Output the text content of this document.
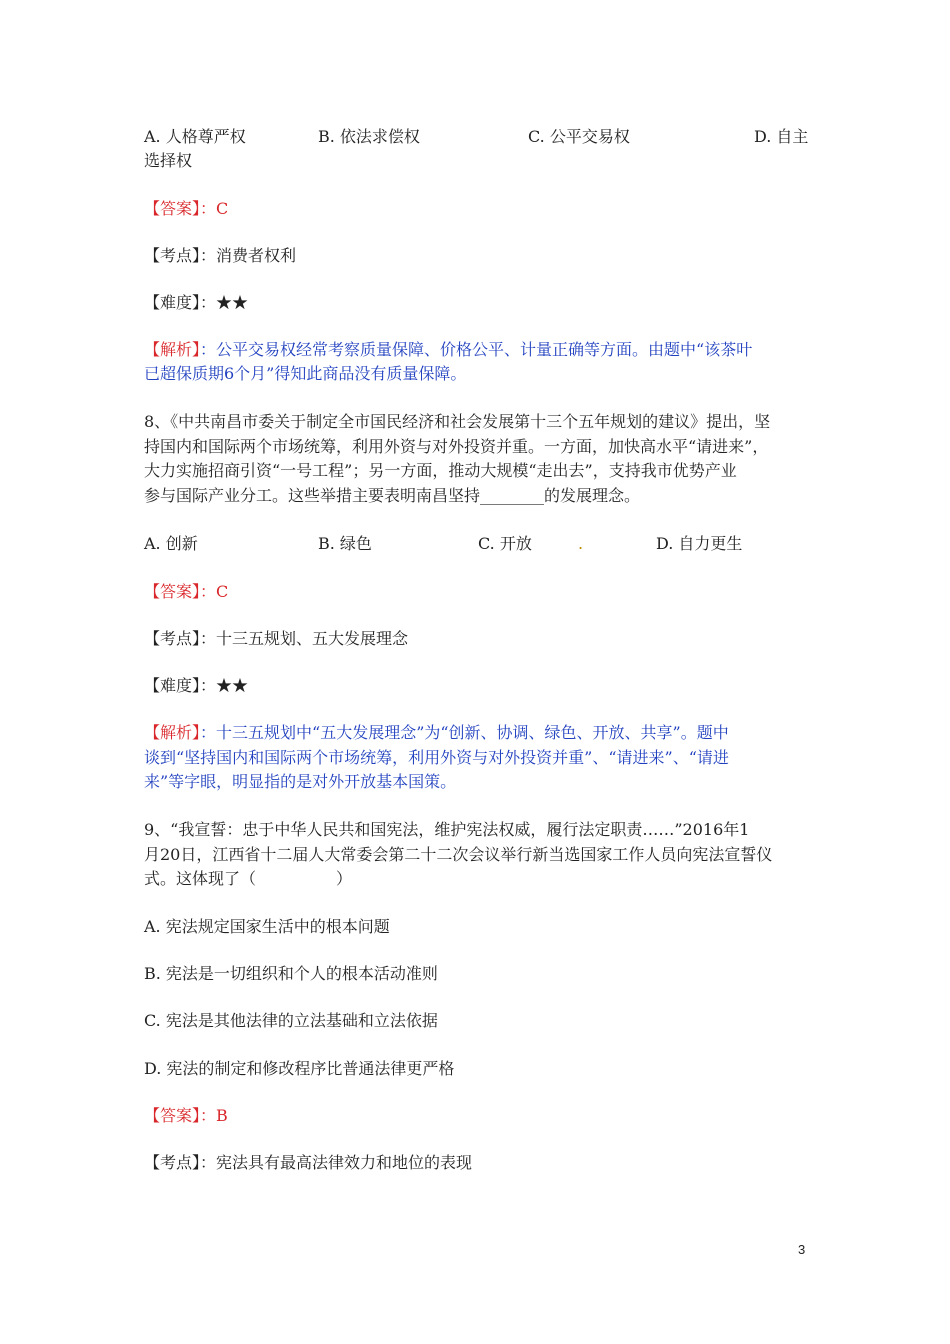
A. 人格尊严权	B. 依法求偿权	C. 公平交易权	D. 自主
选择权
【答案】：C
【考点】：消费者权利
【难度】：★★
【解析】：公平交易权经常考察质量保障、价格公平、计量正确等方面。由题中“该茶叶
已超保质期6个月”得知此商品没有质量保障。
8、《中共南昌市委关于制定全市国民经济和社会发展第十三个五年规划的建议》提出，坚
持国内和国际两个市场统筹，利用外资与对外投资并重。一方面，加快高水平“请进来”，
大力实施招商引资“一号工程”；另一方面，推动大规模“走出去”，支持我市优势产业
参与国际产业分工。这些举措主要表明南昌坚持________的发展理念。
A. 创新	B. 绿色	C. 开放	.	D. 自力更生
【答案】：C
【考点】：十三五规划、五大发展理念
【难度】：★★
【解析】：十三五规划中“五大发展理念”为“创新、协调、绿色、开放、共享”。题中
谈到“坚持国内和国际两个市场统筹，利用外资与对外投资并重”、“请进来”、“请进
来”等字眼，明显指的是对外开放基本国策。
9、“我宣誓：忠于中华人民共和国宪法，维护宪法权威，履行法定职责……”2016年1
月20日，江西省十二届人大常委会第二十二次会议举行新当选国家工作人员向宪法宣誓仪
式。这体现了（　　　　　）
A. 宪法规定国家生活中的根本问题
B. 宪法是一切组织和个人的根本活动准则
C. 宪法是其他法律的立法基础和立法依据
D. 宪法的制定和修改程序比普通法律更严格
【答案】：B
【考点】：宪法具有最高法律效力和地位的表现
3
